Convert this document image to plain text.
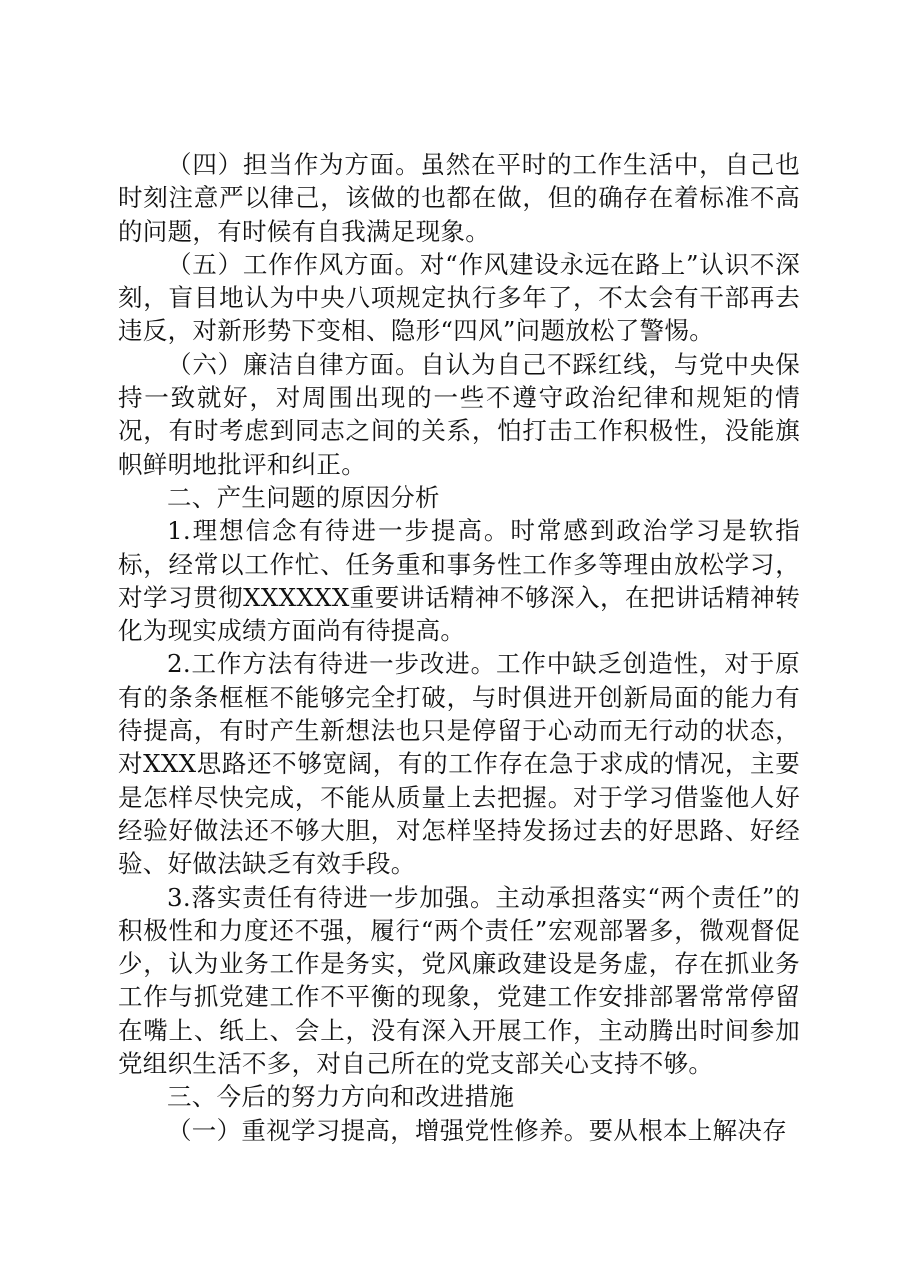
（四）担当作为方面。虽然在平时的工作生活中，自己也时刻注意严以律己，该做的也都在做，但的确存在着标准不高的问题，有时候有自我满足现象。

（五）工作作风方面。对“作风建设永远在路上”认识不深刻，盲目地认为中央八项规定执行多年了，不太会有干部再去违反，对新形势下变相、隐形“四风”问题放松了警惕。

（六）廉洁自律方面。自认为自己不踩红线，与党中央保持一致就好，对周围出现的一些不遵守政治纪律和规矩的情况，有时考虑到同志之间的关系，怕打击工作积极性，没能旗帜鲜明地批评和纠正。

二、产生问题的原因分析

1.理想信念有待进一步提高。时常感到政治学习是软指标，经常以工作忙、任务重和事务性工作多等理由放松学习，对学习贯彻XXXXXX重要讲话精神不够深入，在把讲话精神转化为现实成绩方面尚有待提高。

2.工作方法有待进一步改进。工作中缺乏创造性，对于原有的条条框框不能够完全打破，与时俱进开创新局面的能力有待提高，有时产生新想法也只是停留于心动而无行动的状态，对XXX思路还不够宽阔，有的工作存在急于求成的情况，主要是怎样尽快完成，不能从质量上去把握。对于学习借鉴他人好经验好做法还不够大胆，对怎样坚持发扬过去的好思路、好经验、好做法缺乏有效手段。

3.落实责任有待进一步加强。主动承担落实“两个责任”的积极性和力度还不强，履行“两个责任”宏观部署多，微观督促少，认为业务工作是务实，党风廉政建设是务虚，存在抓业务工作与抓党建工作不平衡的现象，党建工作安排部署常常停留在嘴上、纸上、会上，没有深入开展工作，主动腾出时间参加党组织生活不多，对自己所在的党支部关心支持不够。

三、今后的努力方向和改进措施

（一）重视学习提高，增强党性修养。要从根本上解决存
